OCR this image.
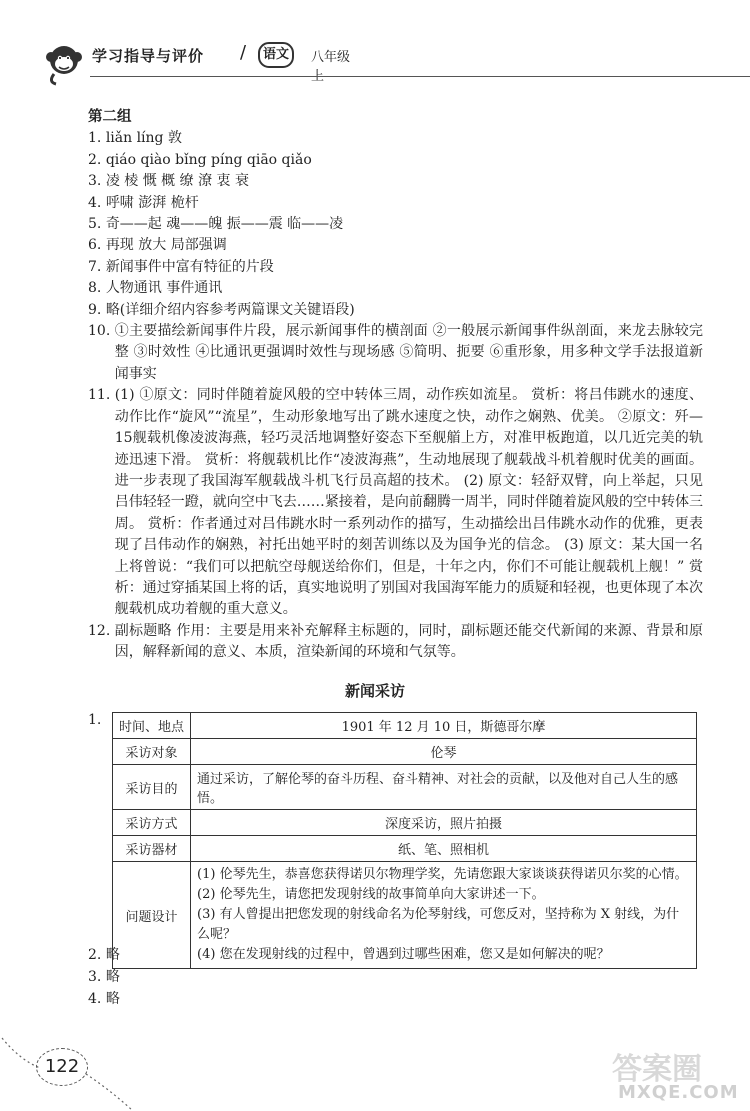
学习指导与评价 /	语文	八年级上
第二组
1. liǎn líng 敦
2. qiáo qiào bǐng píng qiāo qiǎo
3. 凌 棱 慨 概 缭 潦 衷 衰
4. 呼啸 澎湃 桅杆
5. 奇——起 魂——魄 振——震 临——凌
6. 再现 放大 局部强调
7. 新闻事件中富有特征的片段
8. 人物通讯 事件通讯
9. 略(详细介绍内容参考两篇课文关键语段)
10. ①主要描绘新闻事件片段，展示新闻事件的横剖面 ②一般展示新闻事件纵剖面，来龙去脉较完整 ③时效性 ④比通讯更强调时效性与现场感 ⑤简明、扼要 ⑥重形象，用多种文学手法报道新闻事实
11. (1) ①原文：同时伴随着旋风般的空中转体三周，动作疾如流星。 赏析：将吕伟跳水的速度、动作比作“旋风”“流星”，生动形象地写出了跳水速度之快，动作之娴熟、优美。 ②原文：歼—15舰载机像凌波海燕，轻巧灵活地调整好姿态下至舰艏上方，对准甲板跑道，以几近完美的轨迹迅速下滑。 赏析：将舰载机比作“凌波海燕”，生动地展现了舰载战斗机着舰时优美的画面。进一步表现了我国海军舰载战斗机飞行员高超的技术。 (2) 原文：轻舒双臂，向上举起，只见吕伟轻轻一蹬，就向空中飞去……紧接着，是向前翻腾一周半，同时伴随着旋风般的空中转体三周。 赏析：作者通过对吕伟跳水时一系列动作的描写，生动描绘出吕伟跳水动作的优雅，更表现了吕伟动作的娴熟，衬托出她平时的刻苦训练以及为国争光的信念。 (3) 原文：某大国一名上将曾说：“我们可以把航空母舰送给你们，但是，十年之内，你们不可能让舰载机上舰！” 赏析：通过穿插某国上将的话，真实地说明了别国对我国海军能力的质疑和轻视，也更体现了本次舰载机成功着舰的重大意义。
12. 副标题略 作用：主要是用来补充解释主标题的，同时，副标题还能交代新闻的来源、背景和原因，解释新闻的意义、本质，渲染新闻的环境和气氛等。
新闻采访
1. 时间、地点	1901 年 12 月 10 日，斯德哥尔摩
采访对象	伦琴
采访目的	通过采访，了解伦琴的奋斗历程、奋斗精神、对社会的贡献，以及他对自己人生的感悟。
采访方式	深度采访，照片拍摄
采访器材	纸、笔、照相机
问题设计	(1) 伦琴先生，恭喜您获得诺贝尔物理学奖，先请您跟大家谈谈获得诺贝尔奖的心情。
(2) 伦琴先生，请您把发现射线的故事简单向大家讲述一下。
(3) 有人曾提出把您发现的射线命名为伦琴射线，可您反对，坚持称为 X 射线，为什么呢？
(4) 您在发现射线的过程中，曾遇到过哪些困难，您又是如何解决的呢？
2. 略
3. 略
4. 略
122	答案圈
MXQE.COM
